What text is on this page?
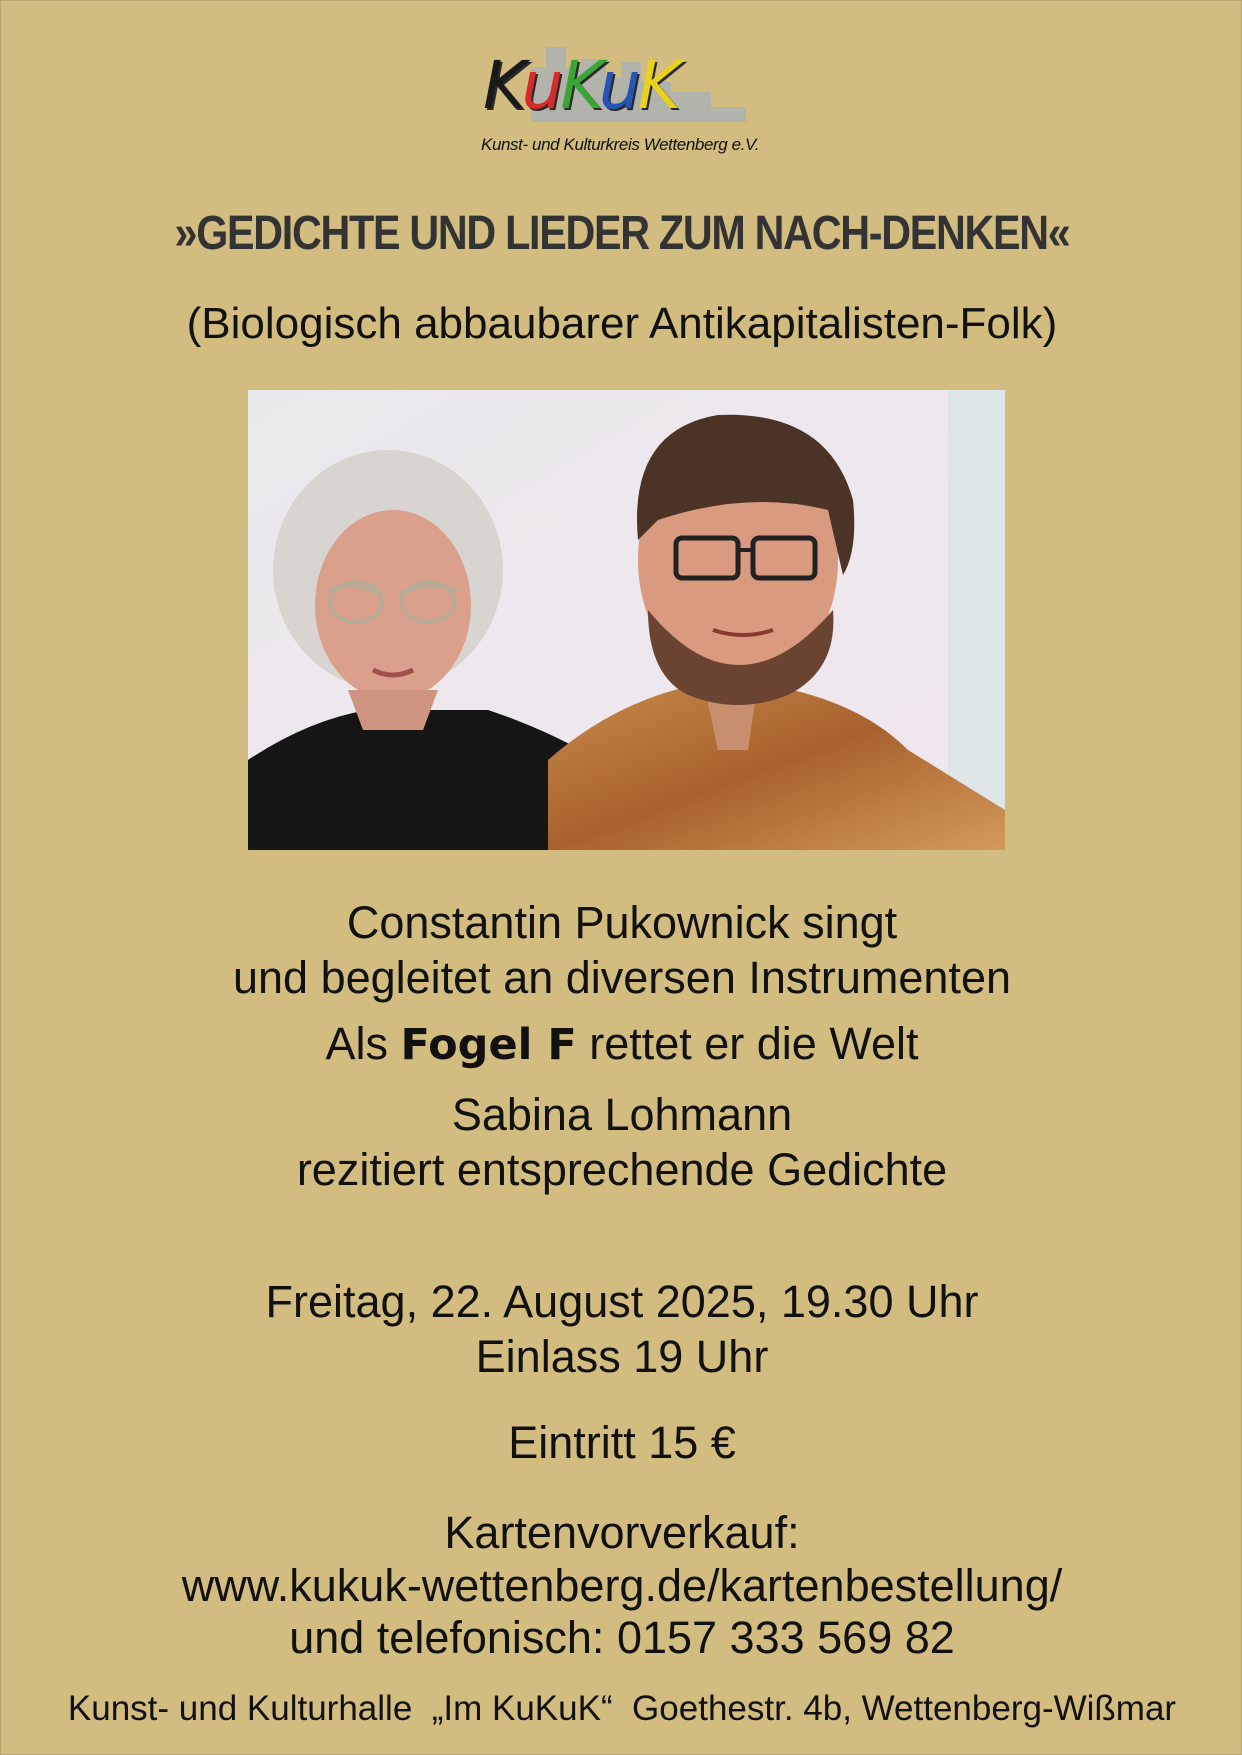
KuKuK
Kunst- und Kulturkreis Wettenberg e.V.
»GEDICHTE UND LIEDER ZUM NACH-DENKEN«
(Biologisch abbaubarer Antikapitalisten-Folk)
Constantin Pukownick singt
und begleitet an diversen Instrumenten
Als Fogel F rettet er die Welt
Sabina Lohmann
rezitiert entsprechende Gedichte
Freitag, 22. August 2025, 19.30 Uhr
Einlass 19 Uhr
Eintritt 15 €
Kartenvorverkauf:
www.kukuk-wettenberg.de/kartenbestellung/
und telefonisch: 0157 333 569 82
Kunst- und Kulturhalle  „Im KuKuK“  Goethestr. 4b, Wettenberg-Wißmar
